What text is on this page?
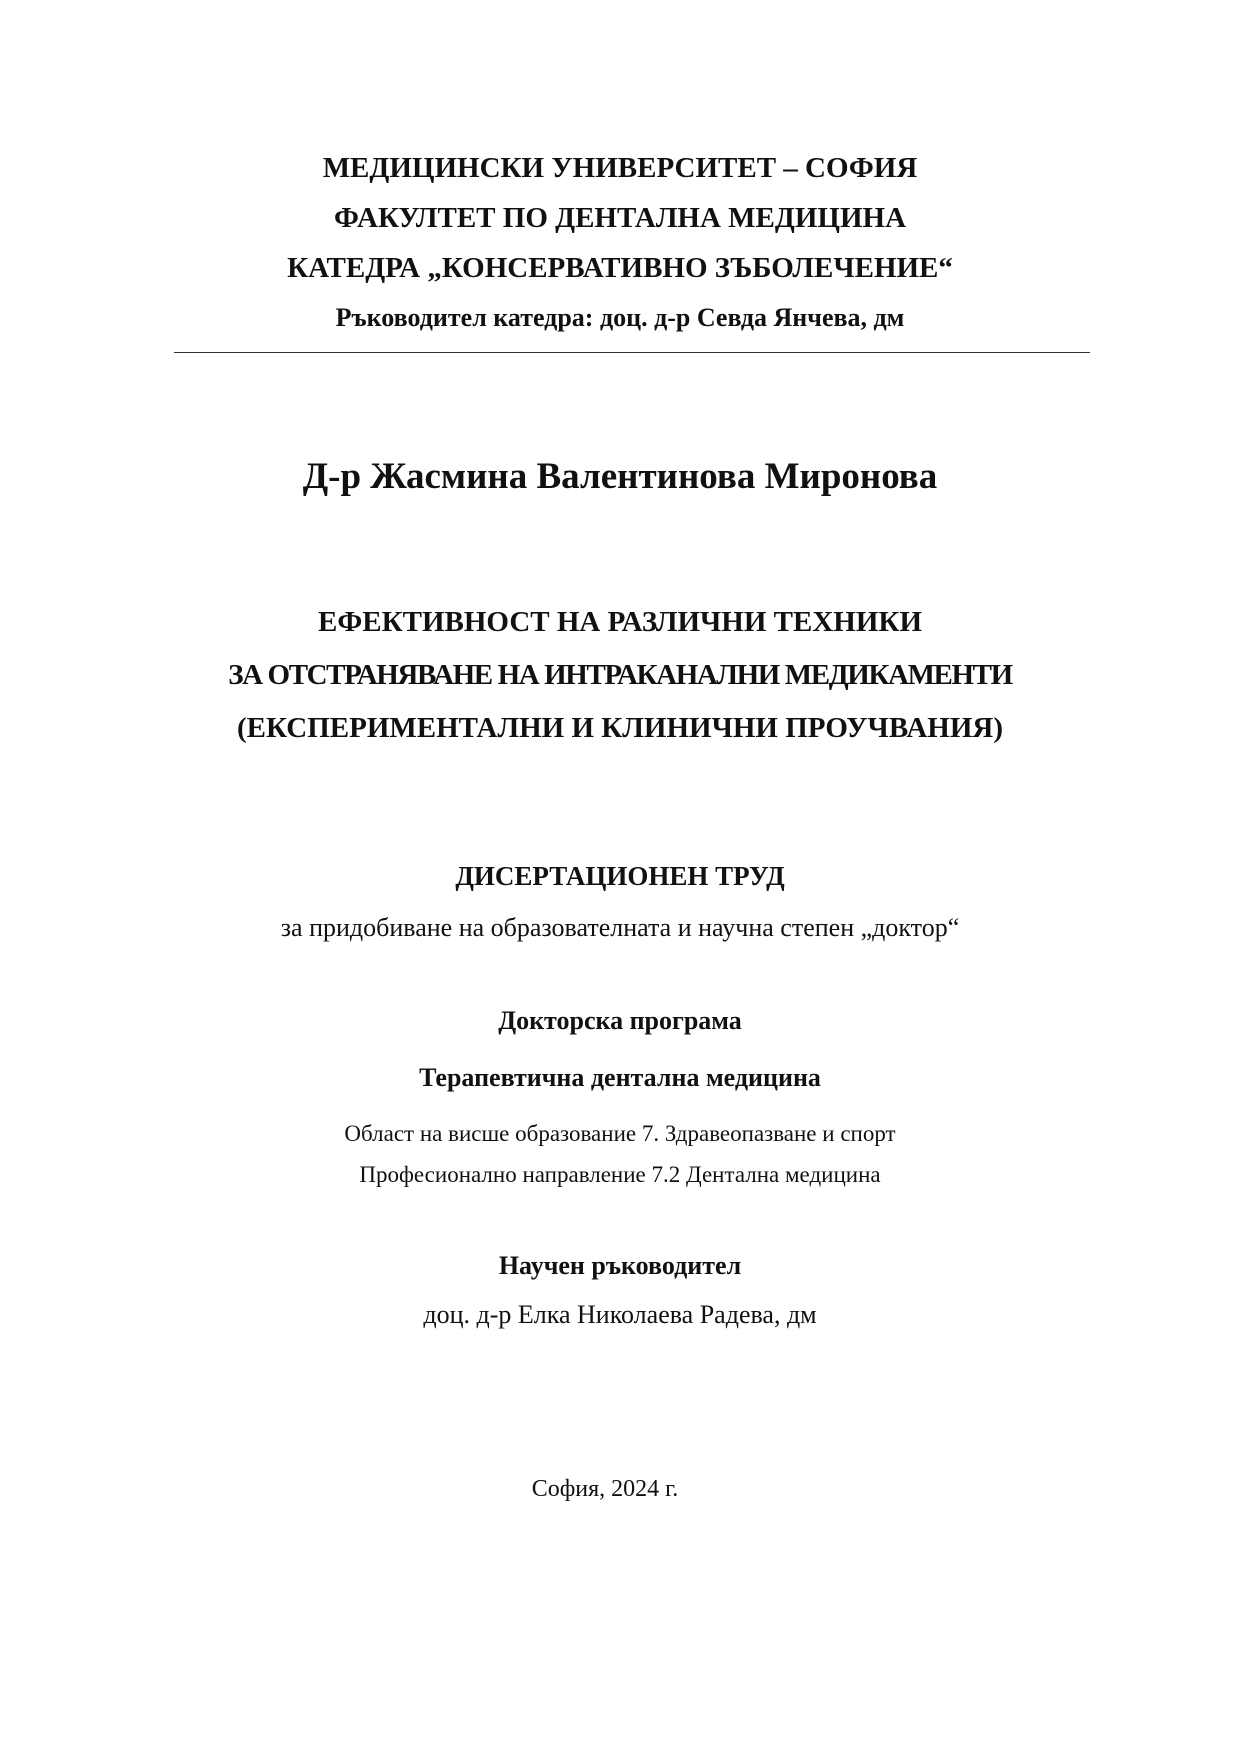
МЕДИЦИНСКИ УНИВЕРСИТЕТ – СОФИЯ
ФАКУЛТЕТ ПО ДЕНТАЛНА МЕДИЦИНА
КАТЕДРА „КОНСЕРВАТИВНО ЗЪБОЛЕЧЕНИЕ“
Ръководител катедра: доц. д-р Севда Янчева, дм
Д-р Жасмина Валентинова Миронова
ЕФЕКТИВНОСТ НА РАЗЛИЧНИ ТЕХНИКИ
ЗА ОТСТРАНЯВАНЕ НА ИНТРАКАНАЛНИ МЕДИКАМЕНТИ
(ЕКСПЕРИМЕНТАЛНИ И КЛИНИЧНИ ПРОУЧВАНИЯ)
ДИСЕРТАЦИОНЕН ТРУД
за придобиване на образователната и научна степен „доктор“
Докторска програма
Терапевтична дентална медицина
Област на висше образование 7. Здравеопазване и спорт
Професионално направление 7.2 Дентална медицина
Научен ръководител
доц. д-р Елка Николаева Радева, дм
София, 2024 г.
